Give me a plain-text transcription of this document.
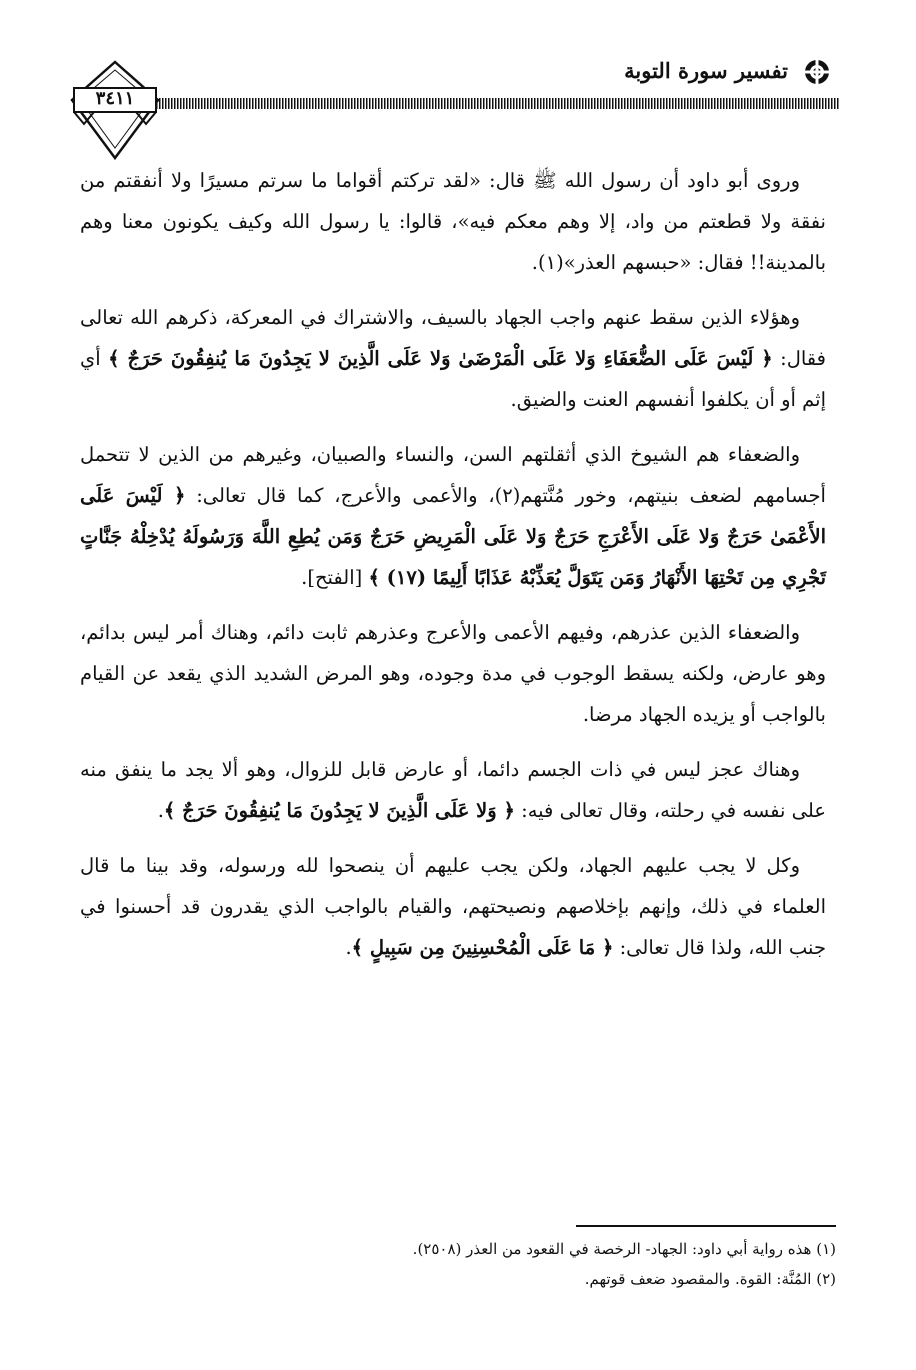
تفسير سورة التوبة
٣٤١١

وروى أبو داود أن رسول الله ﷺ قال: «لقد تركتم أقواما ما سرتم مسيرًا ولا أنفقتم من نفقة ولا قطعتم من واد، إلا وهم معكم فيه»، قالوا: يا رسول الله وكيف يكونون معنا وهم بالمدينة!! فقال: «حبسهم العذر»(١).

وهؤلاء الذين سقط عنهم واجب الجهاد بالسيف، والاشتراك في المعركة، ذكرهم الله تعالى فقال: ﴿ لَيْسَ عَلَى الضُّعَفَاءِ وَلا عَلَى الْمَرْضَىٰ وَلا عَلَى الَّذِينَ لا يَجِدُونَ مَا يُنفِقُونَ حَرَجٌ ﴾ أي إثم أو أن يكلفوا أنفسهم العنت والضيق.

والضعفاء هم الشيوخ الذي أثقلتهم السن، والنساء والصبيان، وغيرهم من الذين لا تتحمل أجسامهم لضعف بنيتهم، وخور مُنَّتهم(٢)، والأعمى والأعرج، كما قال تعالى: ﴿ لَيْسَ عَلَى الأَعْمَىٰ حَرَجٌ وَلا عَلَى الأَعْرَجِ حَرَجٌ وَلا عَلَى الْمَرِيضِ حَرَجٌ وَمَن يُطِعِ اللَّهَ وَرَسُولَهُ يُدْخِلْهُ جَنَّاتٍ تَجْرِي مِن تَحْتِهَا الأَنْهَارُ وَمَن يَتَوَلَّ يُعَذِّبْهُ عَذَابًا أَلِيمًا (١٧) ﴾ [الفتح].

والضعفاء الذين عذرهم، وفيهم الأعمى والأعرج وعذرهم ثابت دائم، وهناك أمر ليس بدائم، وهو عارض، ولكنه يسقط الوجوب في مدة وجوده، وهو المرض الشديد الذي يقعد عن القيام بالواجب أو يزيده الجهاد مرضا.

وهناك عجز ليس في ذات الجسم دائما، أو عارض قابل للزوال، وهو ألا يجد ما ينفق منه على نفسه في رحلته، وقال تعالى فيه: ﴿ وَلا عَلَى الَّذِينَ لا يَجِدُونَ مَا يُنفِقُونَ حَرَجٌ ﴾.

وكل لا يجب عليهم الجهاد، ولكن يجب عليهم أن ينصحوا لله ورسوله، وقد بينا ما قال العلماء في ذلك، وإنهم بإخلاصهم ونصيحتهم، والقيام بالواجب الذي يقدرون قد أحسنوا في جنب الله، ولذا قال تعالى: ﴿ مَا عَلَى الْمُحْسِنِينَ مِن سَبِيلٍ ﴾.

(١) هذه رواية أبي داود: الجهاد- الرخصة في القعود من العذر (٢٥٠٨).
(٢) المُنَّة: القوة. والمقصود ضعف قوتهم.
